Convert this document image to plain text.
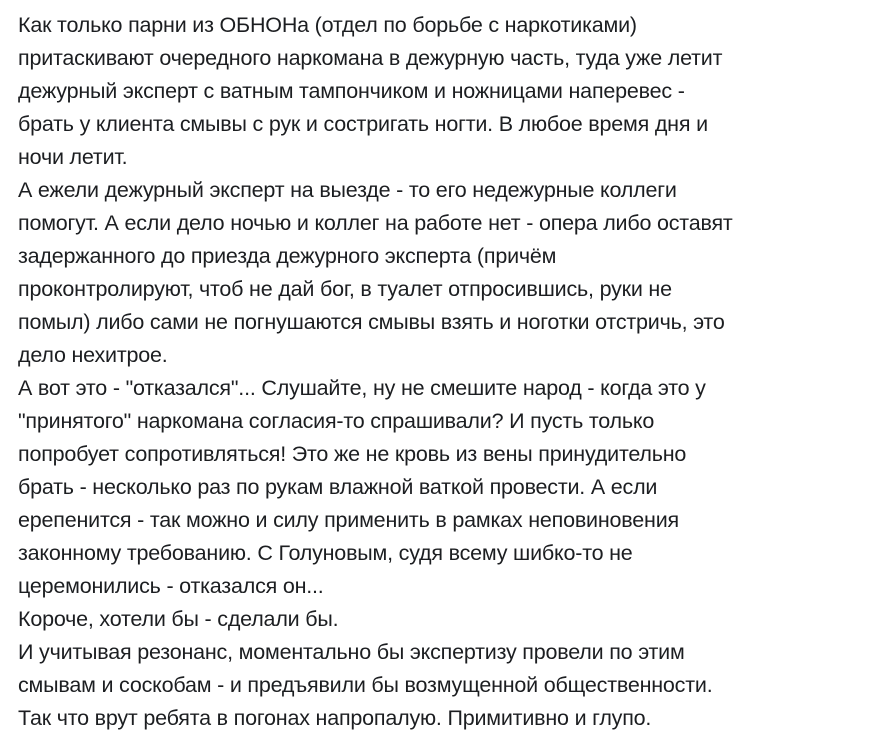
Как только парни из ОБНОНа (отдел по борьбе с наркотиками)
притаскивают очередного наркомана в дежурную часть, туда уже летит
дежурный эксперт с ватным тампончиком и ножницами наперевес -
брать у клиента смывы с рук и состригать ногти. В любое время дня и
ночи летит.
А ежели дежурный эксперт на выезде - то его недежурные коллеги
помогут. А если дело ночью и коллег на работе нет - опера либо оставят
задержанного до приезда дежурного эксперта (причём
проконтролируют, чтоб не дай бог, в туалет отпросившись, руки не
помыл) либо сами не погнушаются смывы взять и ноготки отстричь, это
дело нехитрое.
А вот это - "отказался"... Слушайте, ну не смешите народ - когда это у
"принятого" наркомана согласия-то спрашивали? И пусть только
попробует сопротивляться! Это же не кровь из вены принудительно
брать - несколько раз по рукам влажной ваткой провести. А если
ерепенится - так можно и силу применить в рамках неповиновения
законному требованию. С Голуновым, судя всему шибко-то не
церемонились - отказался он...
Короче, хотели бы - сделали бы.
И учитывая резонанс, моментально бы экспертизу провели по этим
смывам и соскобам - и предъявили бы возмущенной общественности.
Так что врут ребята в погонах напропалую. Примитивно и глупо.
